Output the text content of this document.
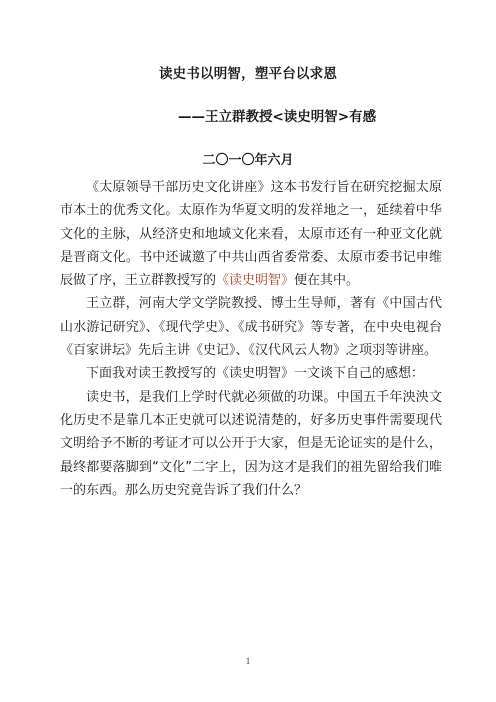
读史书以明智，塑平台以求恩
——王立群教授<读史明智>有感
二〇一〇年六月

《太原领导干部历史文化讲座》这本书发行旨在研究挖掘太原市本土的优秀文化。太原作为华夏文明的发祥地之一，延续着中华文化的主脉，从经济史和地域文化来看，太原市还有一种亚文化就是晋商文化。书中还诚邀了中共山西省委常委、太原市委书记申维辰做了序，王立群教授写的《读史明智》便在其中。

王立群，河南大学文学院教授、博士生导师，著有《中国古代山水游记研究》、《现代学史》、《成书研究》等专著，在中央电视台《百家讲坛》先后主讲《史记》、《汉代风云人物》之项羽等讲座。

下面我对读王教授写的《读史明智》一文谈下自己的感想：

读史书，是我们上学时代就必须做的功课。中国五千年泱泱文化历史不是靠几本正史就可以述说清楚的，好多历史事件需要现代文明给予不断的考证才可以公开于大家，但是无论证实的是什么，最终都要落脚到“文化”二字上，因为这才是我们的祖先留给我们唯一的东西。那么历史究竟告诉了我们什么？

1
